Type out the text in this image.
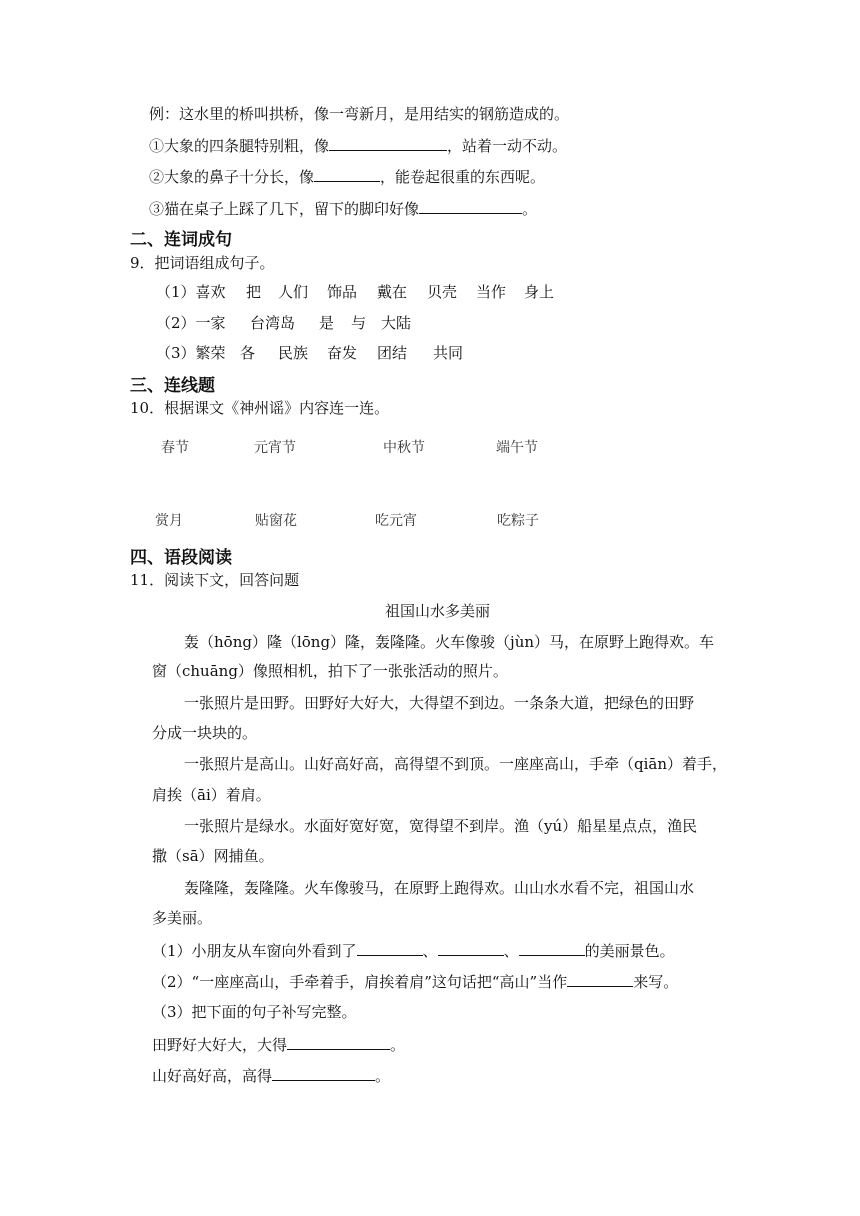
例：这水里的桥叫拱桥，像一弯新月，是用结实的钢筋造成的。
①大象的四条腿特别粗，像	，站着一动不动。
②大象的鼻子十分长，像	，能卷起很重的东西呢。
③猫在桌子上踩了几下，留下的脚印好像	。
二、连词成句
9．把词语组成句子。
（1）喜欢 把 人们 饰品 戴在 贝壳 当作 身上
（2）一家 台湾岛 是 与 大陆
（3）繁荣 各 民族 奋发 团结 共同
三、连线题
10．根据课文《神州谣》内容连一连。
春节	元宵节	中秋节	端午节
赏月	贴窗花	吃元宵	吃粽子
四、语段阅读
11．阅读下文，回答问题
祖国山水多美丽
轰（hōng）隆（lōng）隆，轰隆隆。火车像骏（jùn）马，在原野上跑得欢。车
窗（chuāng）像照相机，拍下了一张张活动的照片。
一张照片是田野。田野好大好大，大得望不到边。一条条大道，把绿色的田野
分成一块块的。
一张照片是高山。山好高好高，高得望不到顶。一座座高山，手牵（qiān）着手，
肩挨（āi）着肩。
一张照片是绿水。水面好宽好宽，宽得望不到岸。渔（yú）船星星点点，渔民
撒（sā）网捕鱼。
轰隆隆，轰隆隆。火车像骏马，在原野上跑得欢。山山水水看不完，祖国山水
多美丽。
（1）小朋友从车窗向外看到了	、	、	的美丽景色。
（2）“一座座高山，手牵着手，肩挨着肩”这句话把“高山”当作	来写。
（3）把下面的句子补写完整。
田野好大好大，大得	。
山好高好高，高得	。
